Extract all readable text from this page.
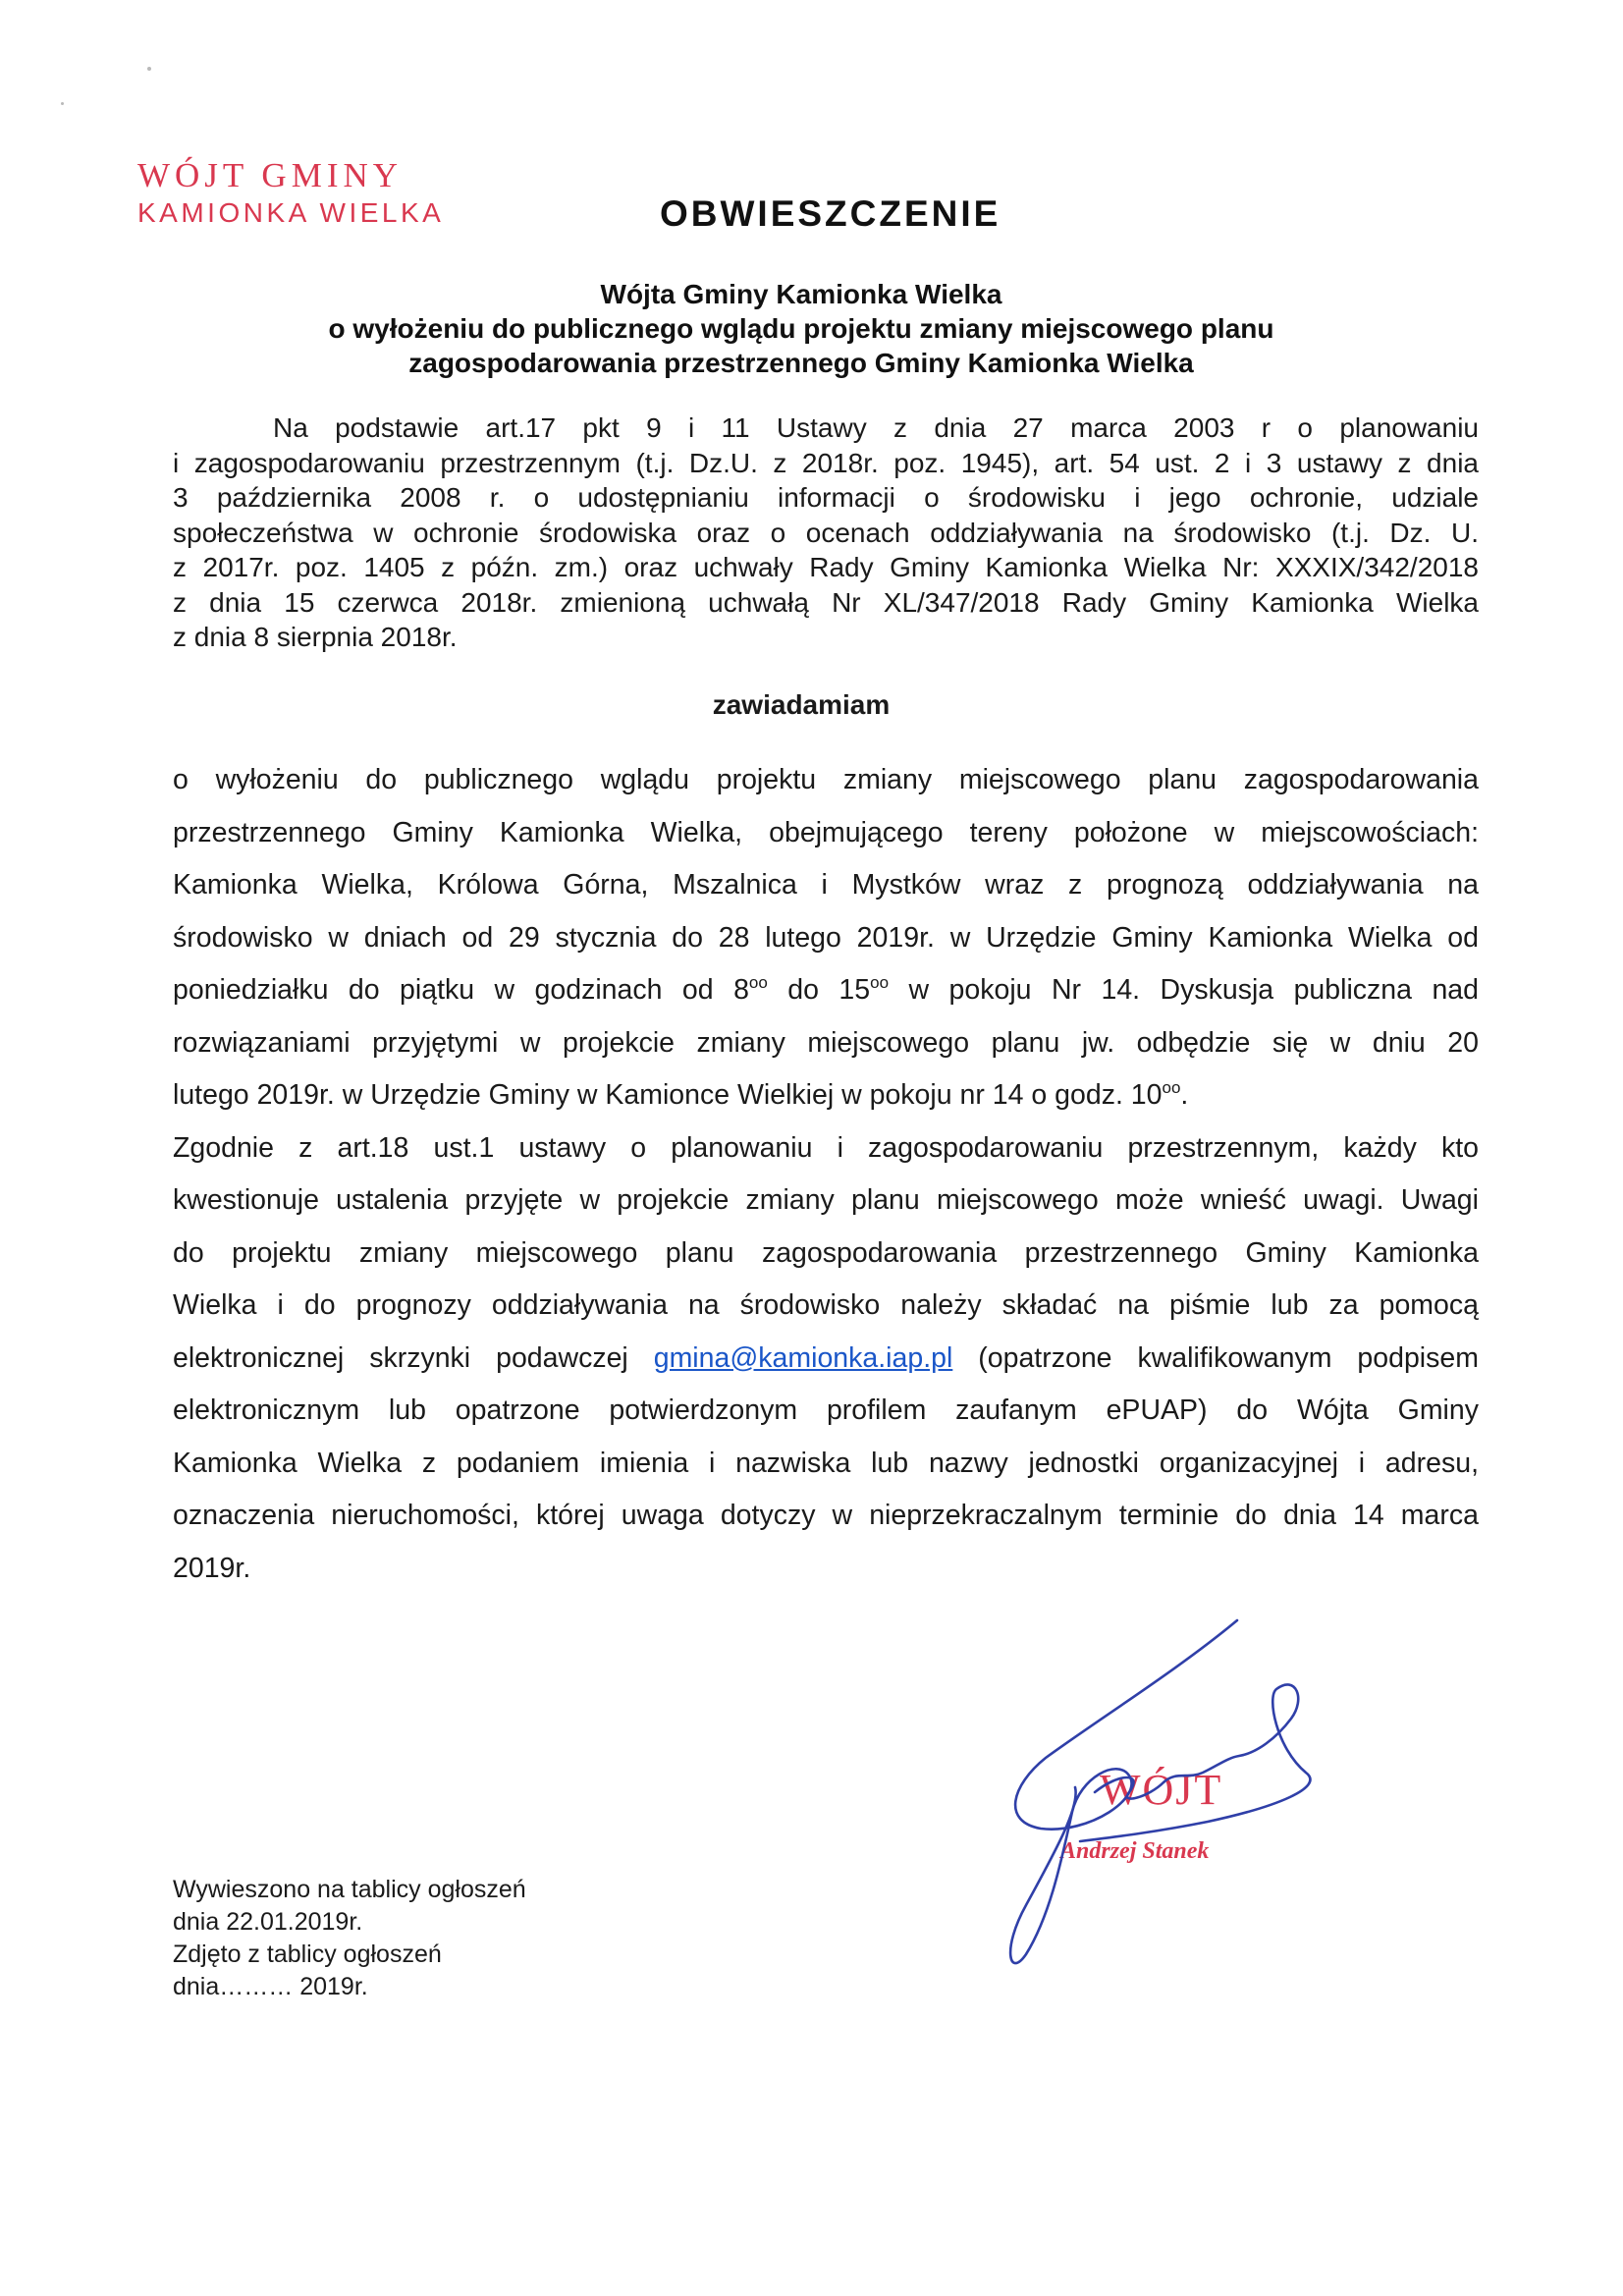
WÓJT GMINY
KAMIONKA WIELKA	OBWIESZCZENIE
Wójta Gminy Kamionka Wielka
o wyłożeniu do publicznego wglądu projektu zmiany miejscowego planu
zagospodarowania przestrzennego Gminy Kamionka Wielka
Na podstawie art.17 pkt 9 i 11 Ustawy z dnia 27 marca 2003 r o planowaniu
i zagospodarowaniu przestrzennym (t.j. Dz.U. z 2018r. poz. 1945), art. 54 ust. 2 i 3 ustawy z dnia
3 października 2008 r. o udostępnianiu informacji o środowisku i jego ochronie, udziale
społeczeństwa w ochronie środowiska oraz o ocenach oddziaływania na środowisko (t.j. Dz. U.
z 2017r. poz. 1405 z późn. zm.) oraz uchwały Rady Gminy Kamionka Wielka Nr: XXXIX/342/2018
z dnia 15 czerwca 2018r. zmienioną uchwałą Nr XL/347/2018 Rady Gminy Kamionka Wielka
z dnia 8 sierpnia 2018r.
zawiadamiam
o wyłożeniu do publicznego wglądu projektu zmiany miejscowego planu zagospodarowania
przestrzennego Gminy Kamionka Wielka, obejmującego tereny położone w miejscowościach:
Kamionka Wielka, Królowa Górna, Mszalnica i Mystków wraz z prognozą oddziaływania na
środowisko w dniach od 29 stycznia do 28 lutego 2019r. w Urzędzie Gminy Kamionka Wielka od
poniedziałku do piątku w godzinach od $8^{oo}$ do $15^{oo}$ w pokoju Nr 14. Dyskusja publiczna nad
rozwiązaniami przyjętymi w projekcie zmiany miejscowego planu jw. odbędzie się w dniu 20
lutego 2019r. w Urzędzie Gminy w Kamionce Wielkiej w pokoju nr 14 o godz. $10^{oo}$.
Zgodnie z art.18 ust.1 ustawy o planowaniu i zagospodarowaniu przestrzennym, każdy kto
kwestionuje ustalenia przyjęte w projekcie zmiany planu miejscowego może wnieść uwagi. Uwagi
do projektu zmiany miejscowego planu zagospodarowania przestrzennego Gminy Kamionka
Wielka i do prognozy oddziaływania na środowisko należy składać na piśmie lub za pomocą
elektronicznej skrzynki podawczej gmina@kamionka.iap.pl (opatrzone kwalifikowanym podpisem
elektronicznym lub opatrzone potwierdzonym profilem zaufanym ePUAP) do Wójta Gminy
Kamionka Wielka z podaniem imienia i nazwiska lub nazwy jednostki organizacyjnej i adresu,
oznaczenia nieruchomości, której uwaga dotyczy w nieprzekraczalnym terminie do dnia 14 marca
2019r.
WÓJT
Andrzej Stanek
Wywieszono na tablicy ogłoszeń
dnia 22.01.2019r.
Zdjęto z tablicy ogłoszeń
dnia……… 2019r.
